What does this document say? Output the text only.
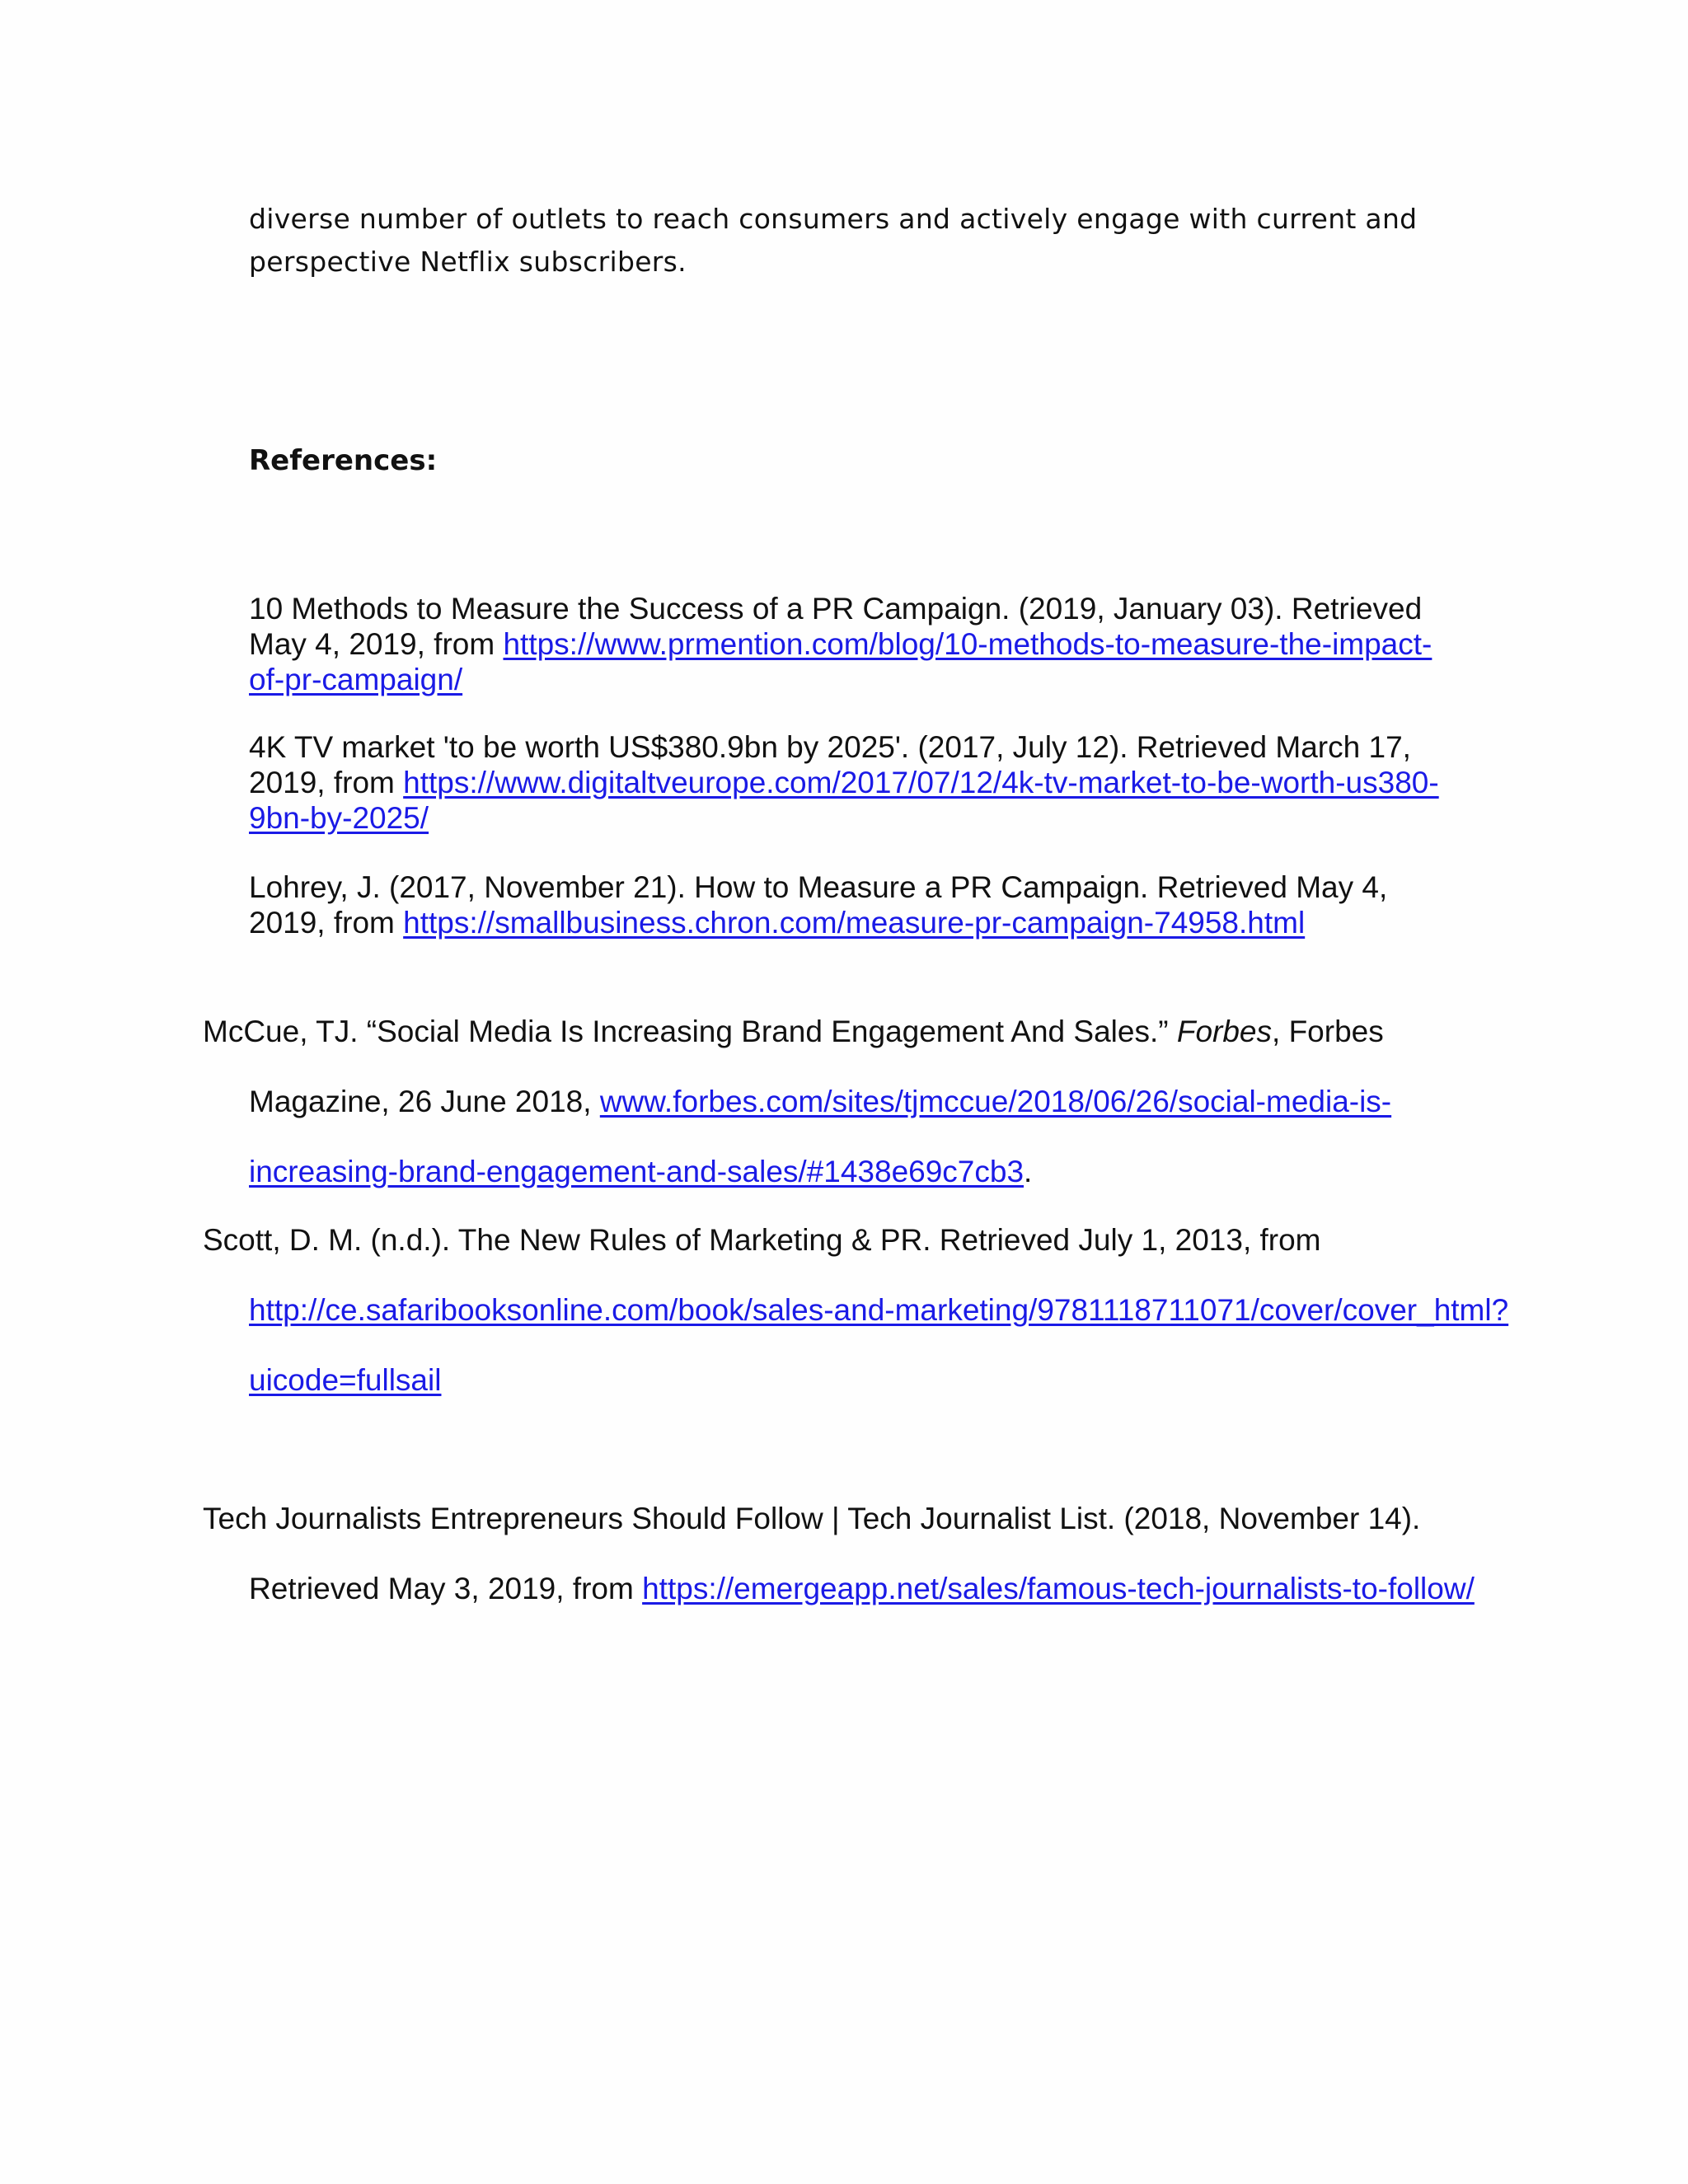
diverse number of outlets to reach consumers and actively engage with current and
perspective Netflix subscribers.
References:
10 Methods to Measure the Success of a PR Campaign. (2019, January 03). Retrieved May 4, 2019, from https://www.prmention.com/blog/10-methods-to-measure-the-impact-of-pr-campaign/
4K TV market 'to be worth US$380.9bn by 2025'. (2017, July 12). Retrieved March 17, 2019, from https://www.digitaltveurope.com/2017/07/12/4k-tv-market-to-be-worth-us380-9bn-by-2025/
Lohrey, J. (2017, November 21). How to Measure a PR Campaign. Retrieved May 4, 2019, from https://smallbusiness.chron.com/measure-pr-campaign-74958.html
McCue, TJ. “Social Media Is Increasing Brand Engagement And Sales.” Forbes, Forbes Magazine, 26 June 2018, www.forbes.com/sites/tjmccue/2018/06/26/social-media-is-increasing-brand-engagement-and-sales/#1438e69c7cb3.
Scott, D. M. (n.d.). The New Rules of Marketing & PR. Retrieved July 1, 2013, from http://ce.safaribooksonline.com/book/sales-and-marketing/9781118711071/cover/cover_html?uicode=fullsail
Tech Journalists Entrepreneurs Should Follow | Tech Journalist List. (2018, November 14). Retrieved May 3, 2019, from https://emergeapp.net/sales/famous-tech-journalists-to-follow/
